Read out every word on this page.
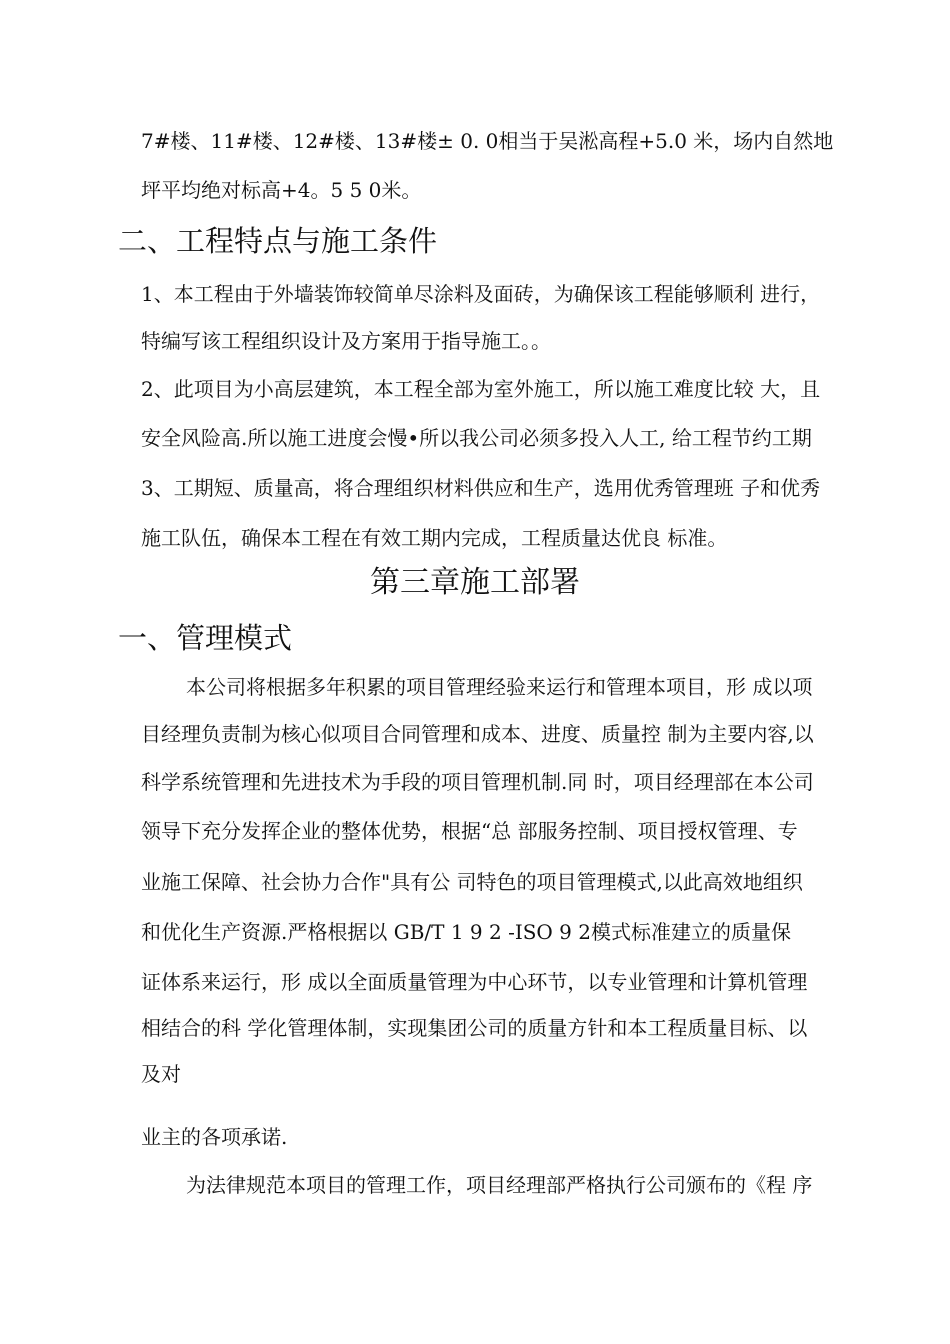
7#楼、11#楼、12#楼、13#楼± 0. 0相当于吴淞高程+5.0 米，场内自然地
坪平均绝对标高+4。5 5 0米。
二、工程特点与施工条件
1、本工程由于外墙装饰较简单尽涂料及面砖，为确保该工程能够顺利 进行，
特编写该工程组织设计及方案用于指导施工。。
2、此项目为小高层建筑，本工程全部为室外施工，所以施工难度比较 大，且
安全风险高.所以施工进度会慢•所以我公司必须多投入人工, 给工程节约工期
3、工期短、质量高，将合理组织材料供应和生产，选用优秀管理班 子和优秀
施工队伍，确保本工程在有效工期内完成，工程质量达优良 标准。
第三章施工部署
一、管理模式
本公司将根据多年积累的项目管理经验来运行和管理本项目，形 成以项
目经理负责制为核心似项目合同管理和成本、进度、质量控 制为主要内容,以
科学系统管理和先进技术为手段的项目管理机制.同 时，项目经理部在本公司
领导下充分发挥企业的整体优势，根据“总 部服务控制、项目授权管理、专
业施工保障、社会协力合作"具有公 司特色的项目管理模式,以此高效地组织
和优化生产资源.严格根据以 GB/T 1 9 2 -ISO 9 2模式标准建立的质量保
证体系来运行，形 成以全面质量管理为中心环节，以专业管理和计算机管理
相结合的科 学化管理体制，实现集团公司的质量方针和本工程质量目标、以
及对
业主的各项承诺.
为法律规范本项目的管理工作，项目经理部严格执行公司颁布的《程 序
